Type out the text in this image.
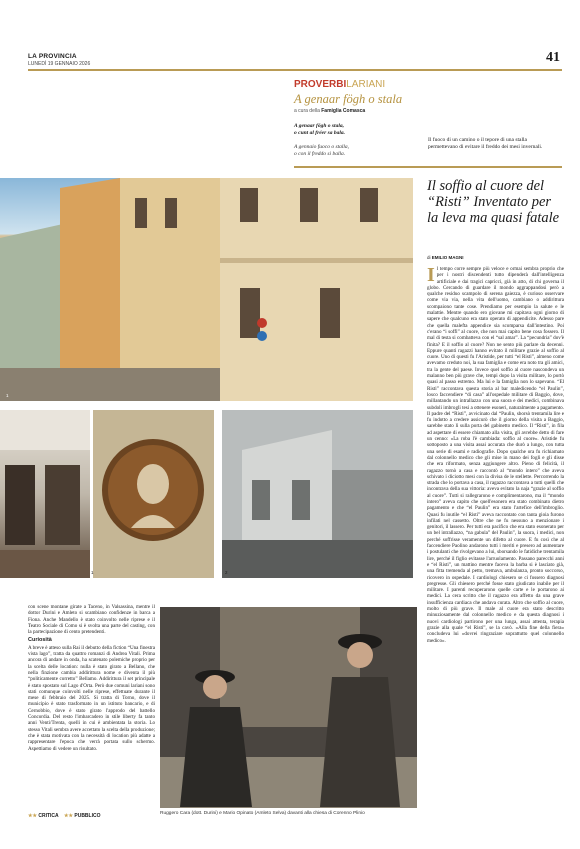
LA PROVINCIA
LUNEDÌ 19 GENNAIO 2026	41
PROVERBILARIANI
A genaar fögh o stala
a cura della Famiglia Comasca
A genaar fögh o stala,
o cunt al fréer sa bala.
A gennaio fuoco o stalla,
o con il freddo si balla.
Il fuoco di un camino o il tepore di una stalla permettevano di evitare il freddo dei mesi invernali.
1
1	2
Ruggero Cara (dott. Durini) e Mario Opinato (Amleto Selva) davanti alla chiesa di Corenno Plinio
Il soffio al cuore del “Risti” Inventato per la leva ma quasi fatale
di EMILIO MAGNI
Il tempo corre sempre più veloce e ormai sembra proprio che per i nostri discendenti tutto dipenderà dall'intelligenza artificiale e dai tragici capricci, già in atto, di chi governa il globo. Cercando di guardare il mondo aggrappandosi però a qualche residuo scampolo di serena gaiezza, è curioso osservare come via via, nella vita dell'uomo, cambiano o addirittura scompaiono tante cose. Prendiamo per esempio la salute e le malattie. Mentre quando ero giovane mi capitava ogni giorno di sapere che qualcuno era stato operato di appendicite. Adesso pare che quella malefta appendice sia scomparsa dall'intestino. Poi c'erano “i soffi” al cuore, che non mai capito bene cosa fossero. Il mal di testa si combatteva con el “sal amar”. La “pecundria” dov'è finita? E il soffio al cuore? Non ne sento più parlare da decenni. Eppure quanti ragazzi hanno evitato il militare grazie al soffio al cuore. Uno di questi fu l'Aristide, per tutti “el Risti”, almeno come avevamo creduto noi, la sua famiglia e come era noto tra gli amici, tra la gente del paese. Invece quel soffio al cuore nascondeva un malanno ben più grave che, tempi dopo la visita militare, lo portò quasi al passo estremo. Ma lui e la famiglia non lo sapevano. “El Risti” raccontava questa storia al bar maledicendo “el Paulin”, losco faccendiere “di casa” all'ospedale militare di Baggio, dove, millantando un intrallazzo con una suora e dei medici, combinava subdoli imbrogli tesi a ottenere esoneri, naturalmente a pagamento. Il padre del “Risti”, avvicinato dal “Paulin, sborsò trentamila lire e fu indotto a credere assicurò che il giorno della visita a Baggio, sarebbe stato lì sulla porta del gabinetto medico. Il “Risti”, in fila ad aspettare di essere chiamato alla visita, gli avrebbe detto di fare un cenno: «La roba l'è cambiada: soffio al cuore». Aristide fu sottoposto a una visita assai accurata che durò a lungo, con tutta una serie di esami e radiografie. Dopo qualche ora fu richiamato dal colonnello medico che gli mise in mano dei fogli e gli disse che era riformato, senza aggiungere altro. Pieno di felicità, il ragazzo tornò a casa e raccontò al “mondo intero” che aveva schivato i diciotto mesi con la divisa de le stellette. Percorrendo la strada che lo portava a casa, il ragazzo raccontava a tutti quelli che incontrava della sua vittoria: aveva evitato la naja “grazie al soffio al cuore”. Tutti si rallegrarono e complimentarono, ma il “mondo intero” aveva capito che quell'esonero era stato combinato dietro pagamento e che “el Paulin” era stato l'artefice dell'imbroglio. Quasi fu inutile “el Risti” aveva raccontato con tanta gioia furono infilati nel cassetto. Oltre che ne fu nessuno a menzionare i genitori, il lassero. Per tutti era pacifico che era stato esonerato per un bel intrallazzo, “na gabula” del Paulin”, la suora, i medici, non perché soffrisse veramente un difetto al cuore. E fu così che al faccendiere Paolino andarono tutti i meriti e presero ad aumentare i postulanti che rivolgevano a lui, sborsando le fatidiche trentamila lire, perché il figlio evitasse l'arruolamento. Passano parecchi anni e “el Risti”, un mattino mentre faceva la barba si è lasciato già, una fitta tremenda al petto, tremava, ambulanza, pronto soccorso, ricovero in ospedale. I cardiologi chiesero se ci fossero diagnosi pregresse. Gli chiesero perché fosse stato giudicato inabile per il militare. I parenti recuperarono quelle carte e le portarono ai medici. La cera scritto che il ragazzo era affetto da una grave insufficienza cardiaca che andava curata. Altro che soffio al cuore, molto di più grave. Il male al cuore era stato descritto minuziosamente dal colonnello medico e da questa diagnosi i nuovi cardiologi partirono per una lunga, assai attenta, terapia grazie alla quale “el Risti”, se la cavò. «Alla fine della fiera» concludeva lui «dovrei ringraziare soprattutto quel colonnello medico».

con scene montane girate a Taceno, in Valsassina, mentre il dottor Durini e Amleto si scambiano confidenze in barca a Fiona. Anche Mandello è stato coinvolto nelle riprese e il Teatro Sociale di Como si è svolta una parte del casting, con la partecipazione di cento pretendenti.

Curiosità

A breve è atteso sulla Rai il debutto della fiction “Una finestra vista lago”, tratta da quattro romanzi di Andrea Vitali. Prima ancora di andare in onda, ha scatenato polemiche proprio per la scelta delle location: nulla è stato girato a Bellano, che nella finzione cambia addirittura nome e diventa il più “politicamente corretto” Bellamo. Addirittura il set principale è stato spostato sul Lago d'Orta. Però due comuni lariani sono stati comunque coinvolti nelle riprese, effettuate durante il mese di febbraio del 2025. Si tratta di Torno, dove il municipio è stato trasformato in un istituto bancario, e di Cernobbio, dove è stato girato l'approdo del battello Concordia. Del resto l'imbarcadero in stile liberty fa tanto anni Venti/Trenta, quelli in cui è ambientata la storia. Lo stesso Vitali sembra avere accettato la scelta della produzione; che è stata motivata con la necessità di location più adatte a rappresentare l'epoca che verrà portata sullo schermo. Aspettiamo di vedere un risultato.

★★ CRITICA ★★ PUBBLICO
